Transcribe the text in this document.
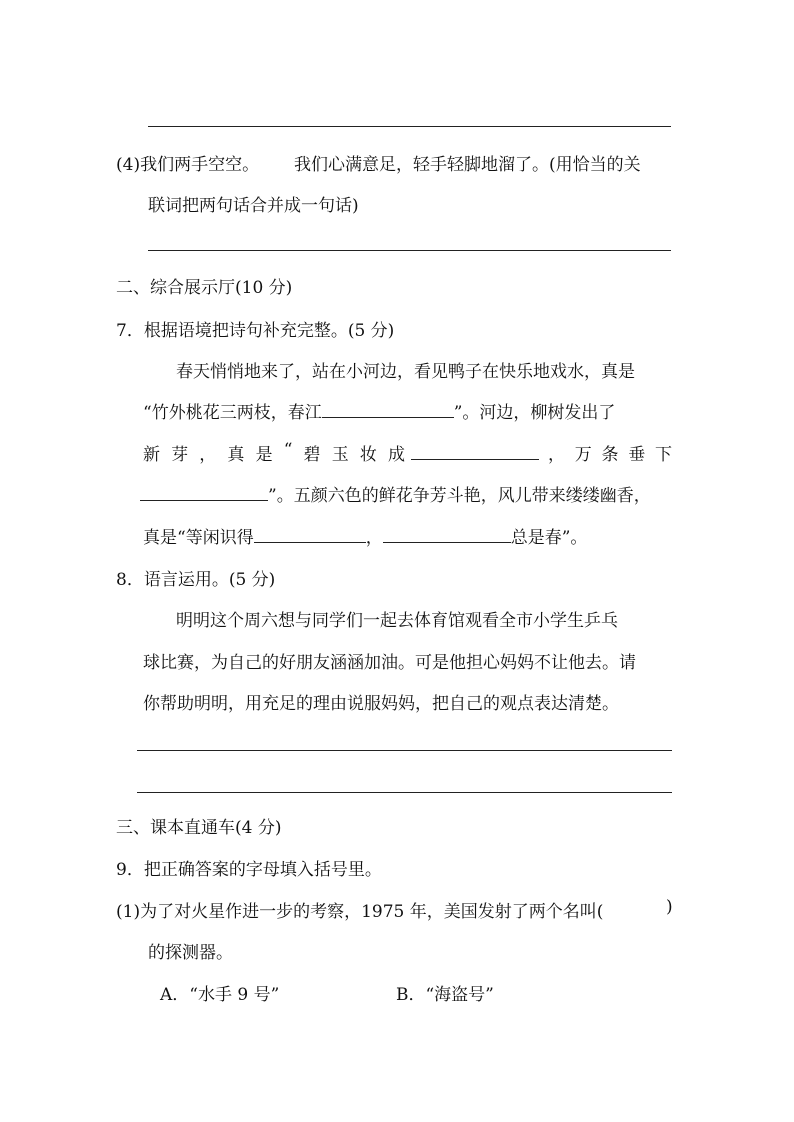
(4)我们两手空空。 我们心满意足，轻手轻脚地溜了。(用恰当的关
联词把两句话合并成一句话)
二、综合展示厅(10 分)
7．根据语境把诗句补充完整。(5 分)
春天悄悄地来了，站在小河边，看见鸭子在快乐地戏水，真是
“竹外桃花三两枝，春江	”。河边，柳树发出了
新 芽 ， 真 是 “ 碧 玉 妆 成	， 万 条 垂 下
”。五颜六色的鲜花争芳斗艳，风儿带来缕缕幽香，
真是“等闲识得	，	总是春”。
8．语言运用。(5 分)
明明这个周六想与同学们一起去体育馆观看全市小学生乒乓
球比赛，为自己的好朋友涵涵加油。可是他担心妈妈不让他去。请
你帮助明明，用充足的理由说服妈妈，把自己的观点表达清楚。
三、课本直通车(4 分)
9．把正确答案的字母填入括号里。
(1)为了对火星作进一步的考察，1975 年，美国发射了两个名叫(	)
的探测器。
A．“水手 9 号”	B．“海盗号”
